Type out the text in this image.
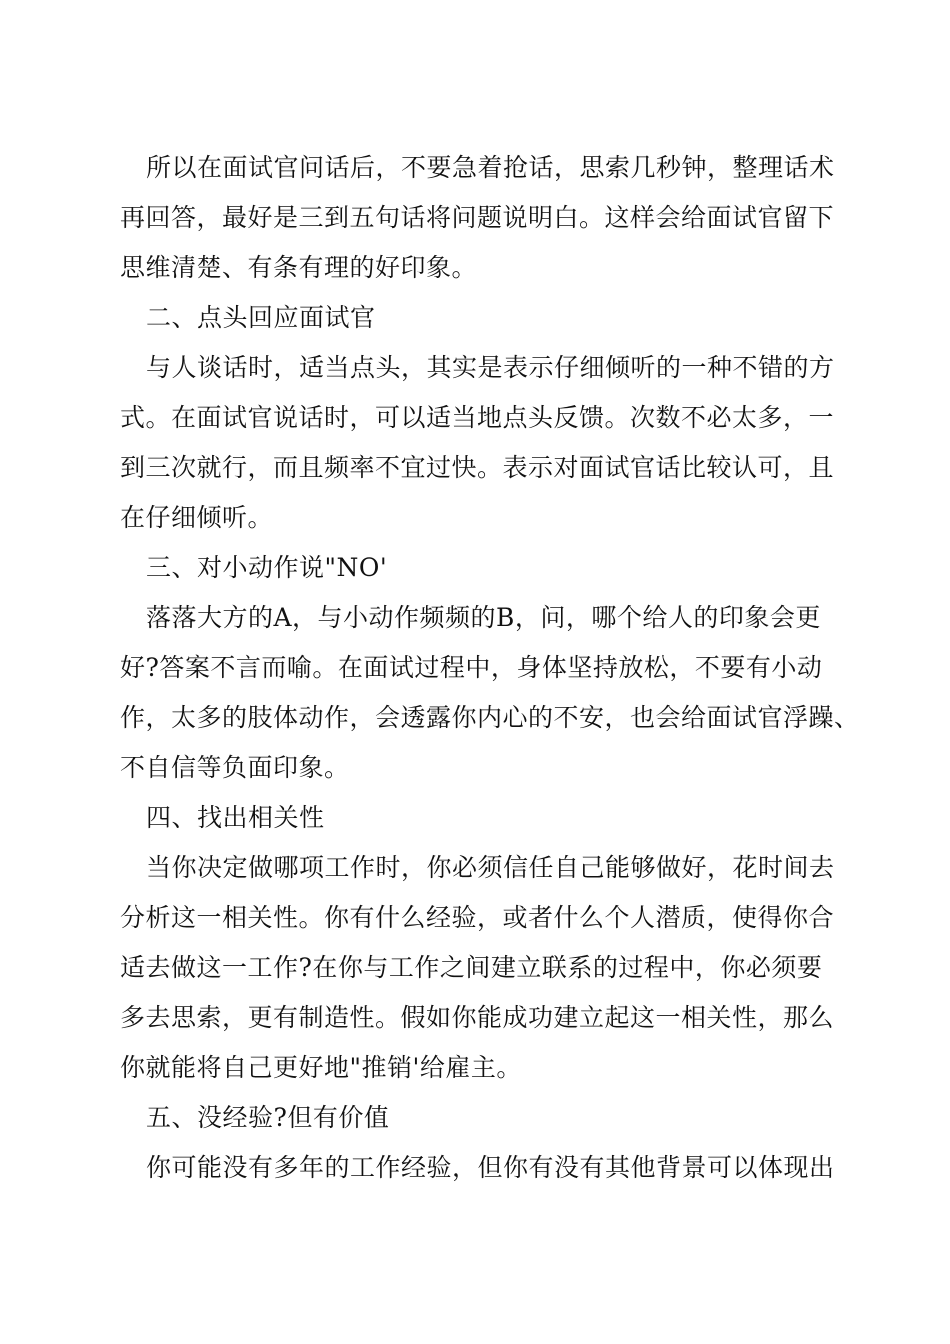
所以在面试官问话后，不要急着抢话，思索几秒钟，整理话术
再回答，最好是三到五句话将问题说明白。这样会给面试官留下
思维清楚、有条有理的好印象。
二、点头回应面试官
与人谈话时，适当点头，其实是表示仔细倾听的一种不错的方
式。在面试官说话时，可以适当地点头反馈。次数不必太多，一
到三次就行，而且频率不宜过快。表示对面试官话比较认可，且
在仔细倾听。
三、对小动作说"NO'
落落大方的A，与小动作频频的B，问，哪个给人的印象会更
好?答案不言而喻。在面试过程中，身体坚持放松，不要有小动
作，太多的肢体动作，会透露你内心的不安，也会给面试官浮躁、
不自信等负面印象。
四、找出相关性
当你决定做哪项工作时，你必须信任自己能够做好，花时间去
分析这一相关性。你有什么经验，或者什么个人潜质，使得你合
适去做这一工作?在你与工作之间建立联系的过程中，你必须要
多去思索，更有制造性。假如你能成功建立起这一相关性，那么
你就能将自己更好地"推销'给雇主。
五、没经验?但有价值
你可能没有多年的工作经验，但你有没有其他背景可以体现出
